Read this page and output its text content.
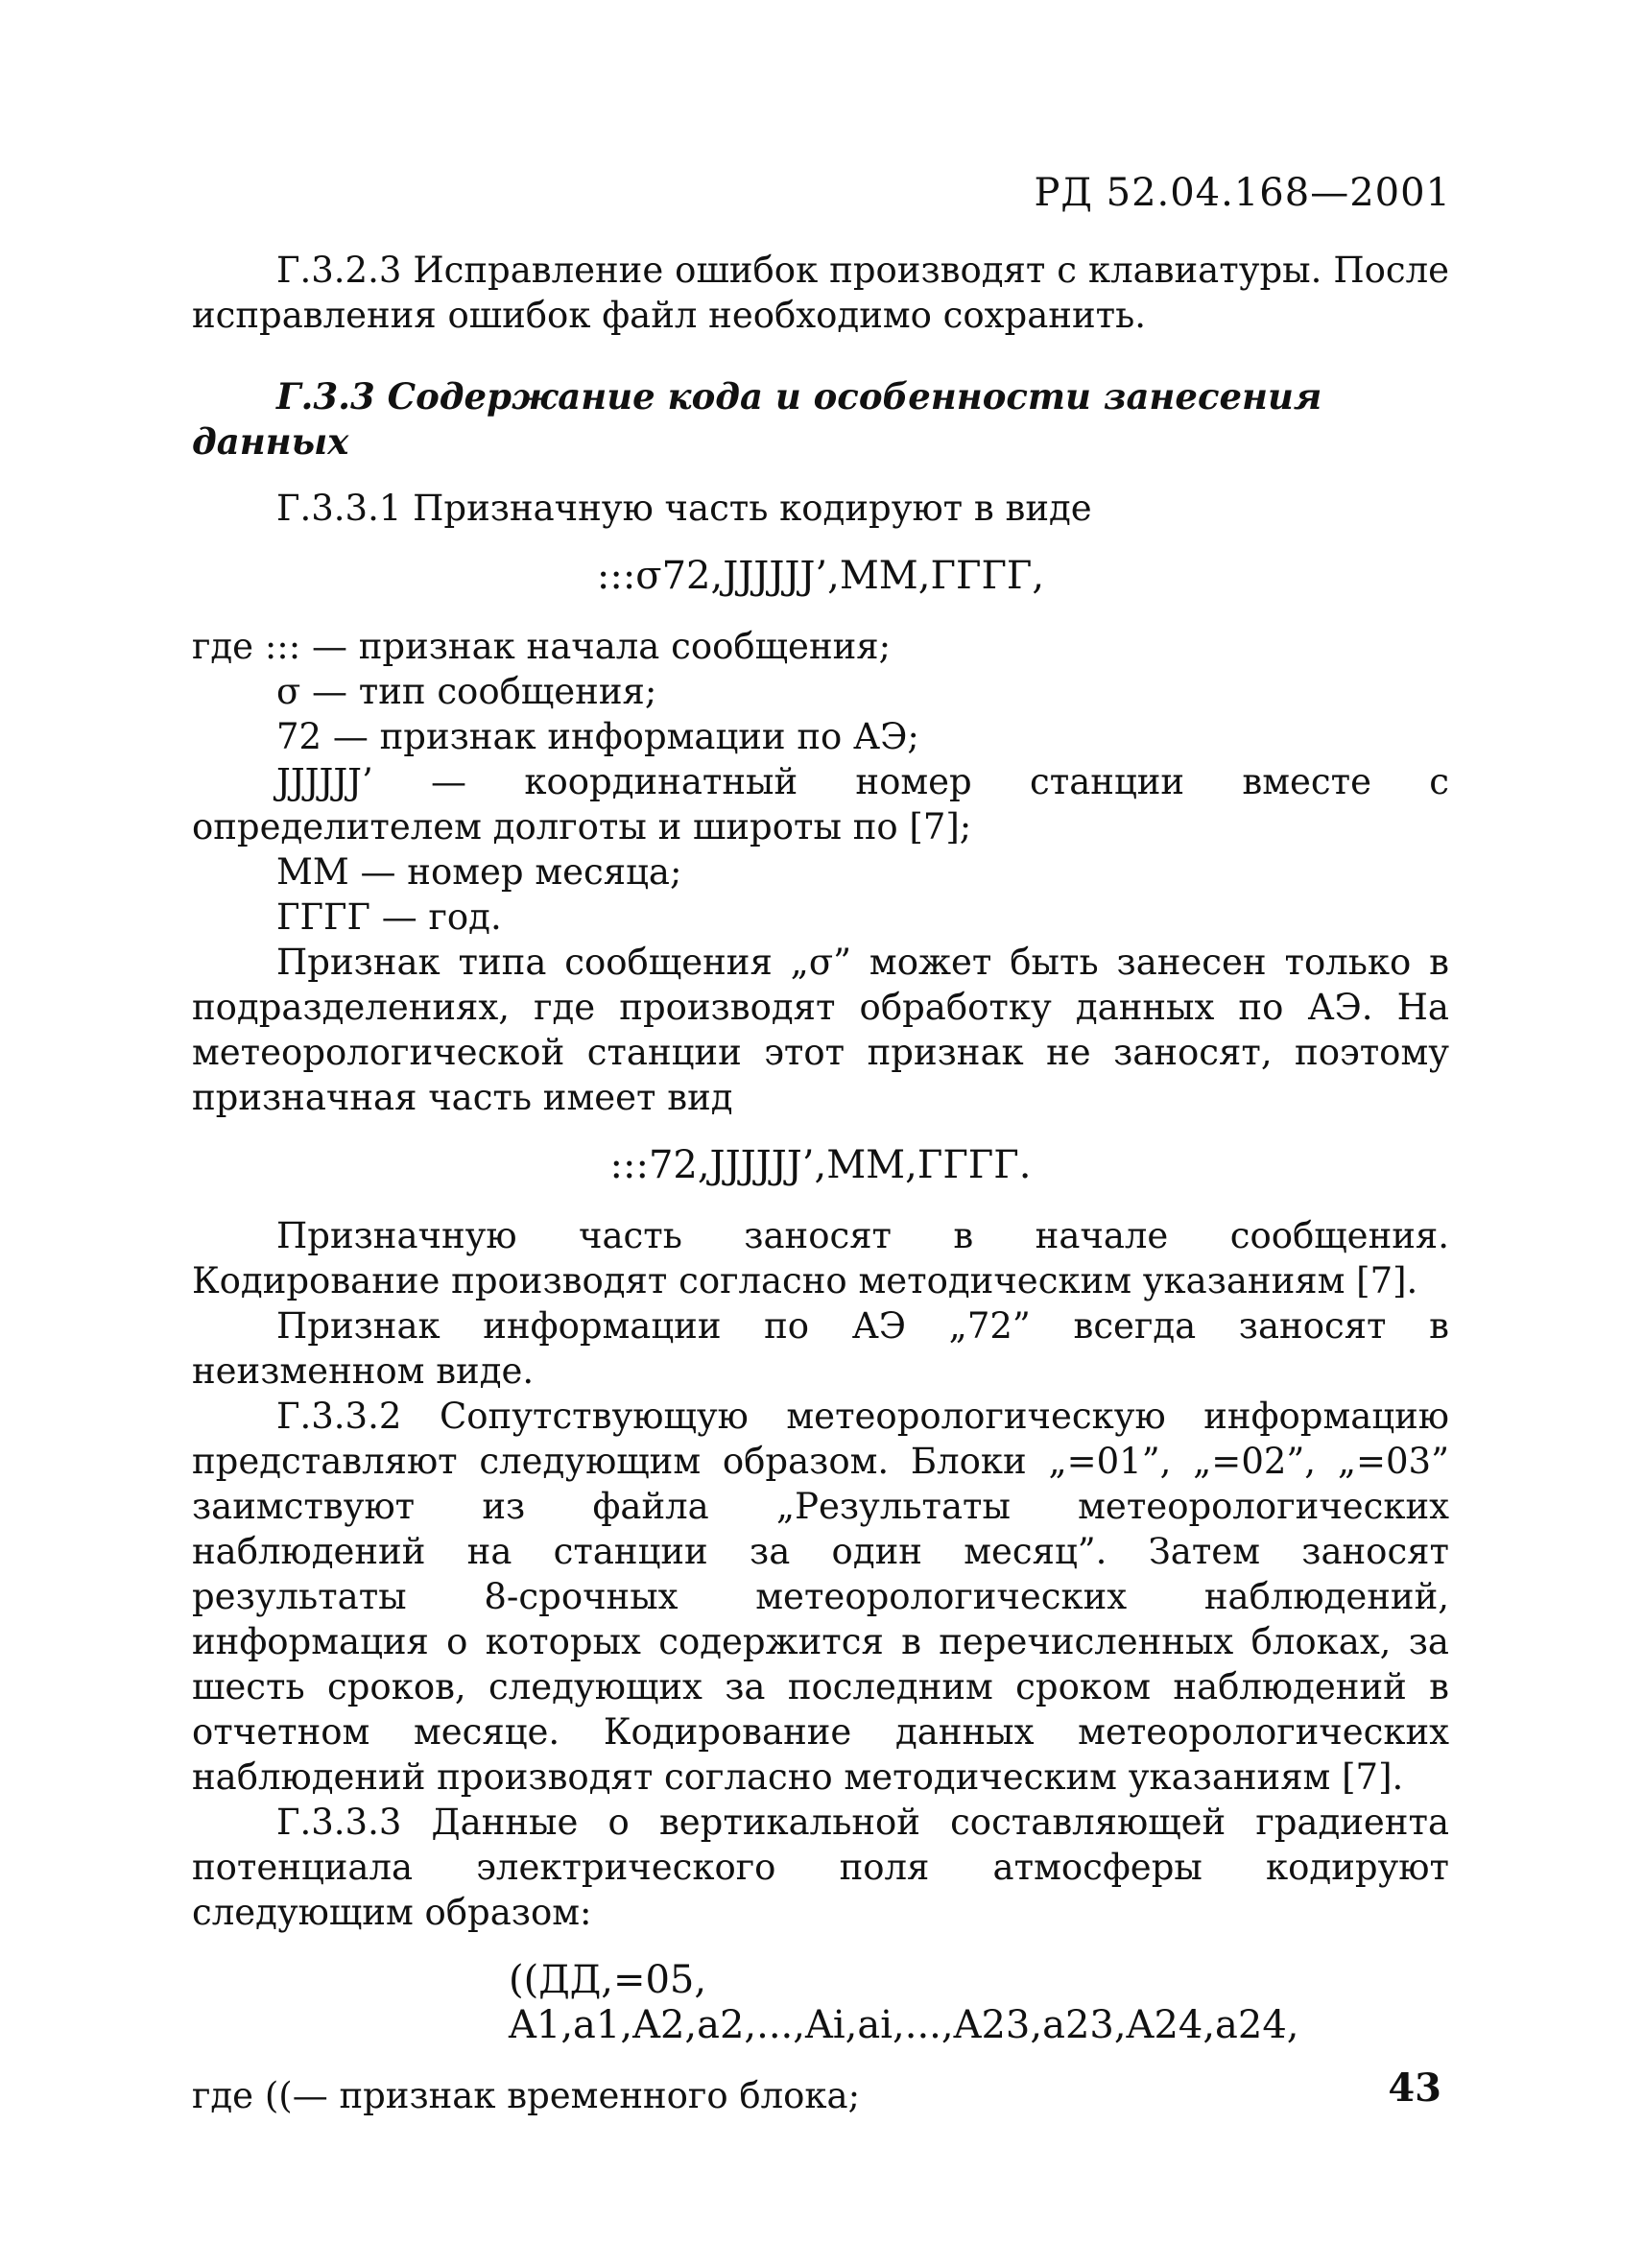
РД 52.04.168—2001

Г.3.2.3 Исправление ошибок производят с клавиатуры. После исправления ошибок файл необходимо сохранить.

Г.3.3 Содержание кода и особенности занесения данных

Г.3.3.1 Призначную часть кодируют в виде

:::σ72,JJJJJJ’,MM,ГГГГ,

где ::: — признак начала сообщения;

σ — тип сообщения;

72 — признак информации по АЭ;

JJJJJJ’ — координатный номер станции вместе с определителем долготы и широты по [7];

ММ — номер месяца;

ГГГГ — год.

Признак типа сообщения „σ” может быть занесен только в подразделениях, где производят обработку данных по АЭ. На метеорологической станции этот признак не заносят, поэтому призначная часть имеет вид

:::72,JJJJJJ’,MM,ГГГГ.

Призначную часть заносят в начале сообщения. Кодирование производят согласно методическим указаниям [7].

Признак информации по АЭ „72” всегда заносят в неизменном виде.

Г.3.3.2 Сопутствующую метеорологическую информацию представляют следующим образом. Блоки „=01”, „=02”, „=03” заимствуют из файла „Результаты метеорологических наблюдений на станции за один месяц”. Затем заносят результаты 8-срочных метеорологических наблюдений, информация о которых содержится в перечисленных блоках, за шесть сроков, следующих за последним сроком наблюдений в отчетном месяце. Кодирование данных метеорологических наблюдений производят согласно методическим указаниям [7].

Г.3.3.3 Данные о вертикальной составляющей градиента потенциала электрического поля атмосферы кодируют следующим образом:

((ДД,=05, A1,a1,A2,a2,...,Ai,ai,...,A23,a23,A24,a24,

где ((— признак временного блока;	43
